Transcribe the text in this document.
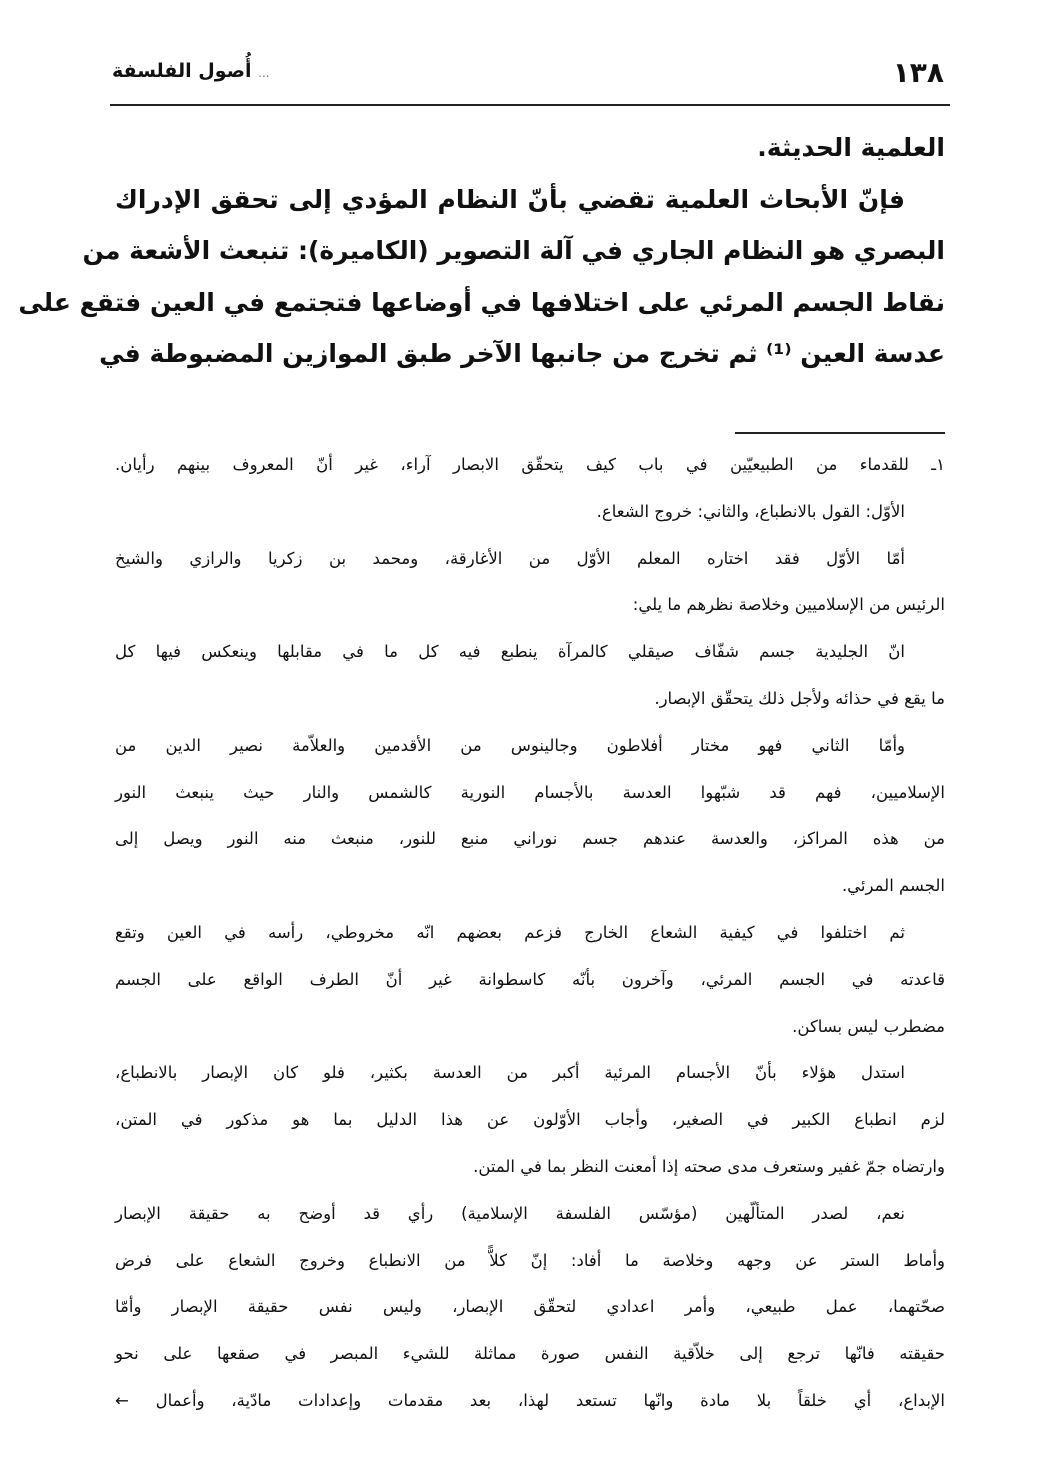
١٣٨
... أُصول الفلسفة
العلمية الحديثة.
فإنّ الأبحاث العلمية تقضي بأنّ النظام المؤدي إلى تحقق الإدراك
البصري هو النظام الجاري في آلة التصوير (الكاميرة): تنبعث الأشعة من
نقاط الجسم المرئي على اختلافها في أوضاعها فتجتمع في العين فتقع على
عدسة العين ⁽¹⁾ ثم تخرج من جانبها الآخر طبق الموازين المضبوطة في
١ـ للقدماء من الطبيعيّين في باب كيف يتحقّق الابصار آراء، غير أنّ المعروف بينهم رأيان.
الأوّل: القول بالانطباع، والثاني: خروج الشعاع.
أمّا الأوّل فقد اختاره المعلم الأوّل من الأغارقة، ومحمد بن زكريا والرازي والشيخ
الرئيس من الإسلاميين وخلاصة نظرهم ما يلي:
انّ الجليدية جسم شفّاف صيقلي كالمرآة ينطبع فيه كل ما في مقابلها وينعكس فيها كل
ما يقع في حذائه ولأجل ذلك يتحقّق الإبصار.
وأمّا الثاني فهو مختار أفلاطون وجالينوس من الأقدمين والعلاّمة نصير الدين من
الإسلاميين، فهم قد شبّهوا العدسة بالأجسام النورية كالشمس والنار حيث ينبعث النور
من هذه المراكز، والعدسة عندهم جسم نوراني منبع للنور، منبعث منه النور ويصل إلى
الجسم المرئي.
ثم اختلفوا في كيفية الشعاع الخارج فزعم بعضهم انّه مخروطي، رأسه في العين وتقع
قاعدته في الجسم المرئي، وآخرون بأنّه كاسطوانة غير أنّ الطرف الواقع على الجسم
مضطرب ليس بساكن.
استدل هؤلاء بأنّ الأجسام المرئية أكبر من العدسة بكثير، فلو كان الإبصار بالانطباع،
لزم انطباع الكبير في الصغير، وأجاب الأوّلون عن هذا الدليل بما هو مذكور في المتن،
وارتضاه جمّ غفير وستعرف مدى صحته إذا أمعنت النظر بما في المتن.
نعم، لصدر المتألّهين (مؤسّس الفلسفة الإسلامية) رأي قد أوضح به حقيقة الإبصار
وأماط الستر عن وجهه وخلاصة ما أفاد: إنّ كلاًّ من الانطباع وخروج الشعاع على فرض
صحّتهما، عمل طبيعي، وأمر اعدادي لتحقّق الإبصار، وليس نفس حقيقة الإبصار وأمّا
حقيقته فانّها ترجع إلى خلاّقية النفس صورة مماثلة للشيء المبصر في صقعها على نحو
الإبداع، أي خلقاً بلا مادة وانّها تستعد لهذا، بعد مقدمات وإعدادات مادّية، وأعمال ←
